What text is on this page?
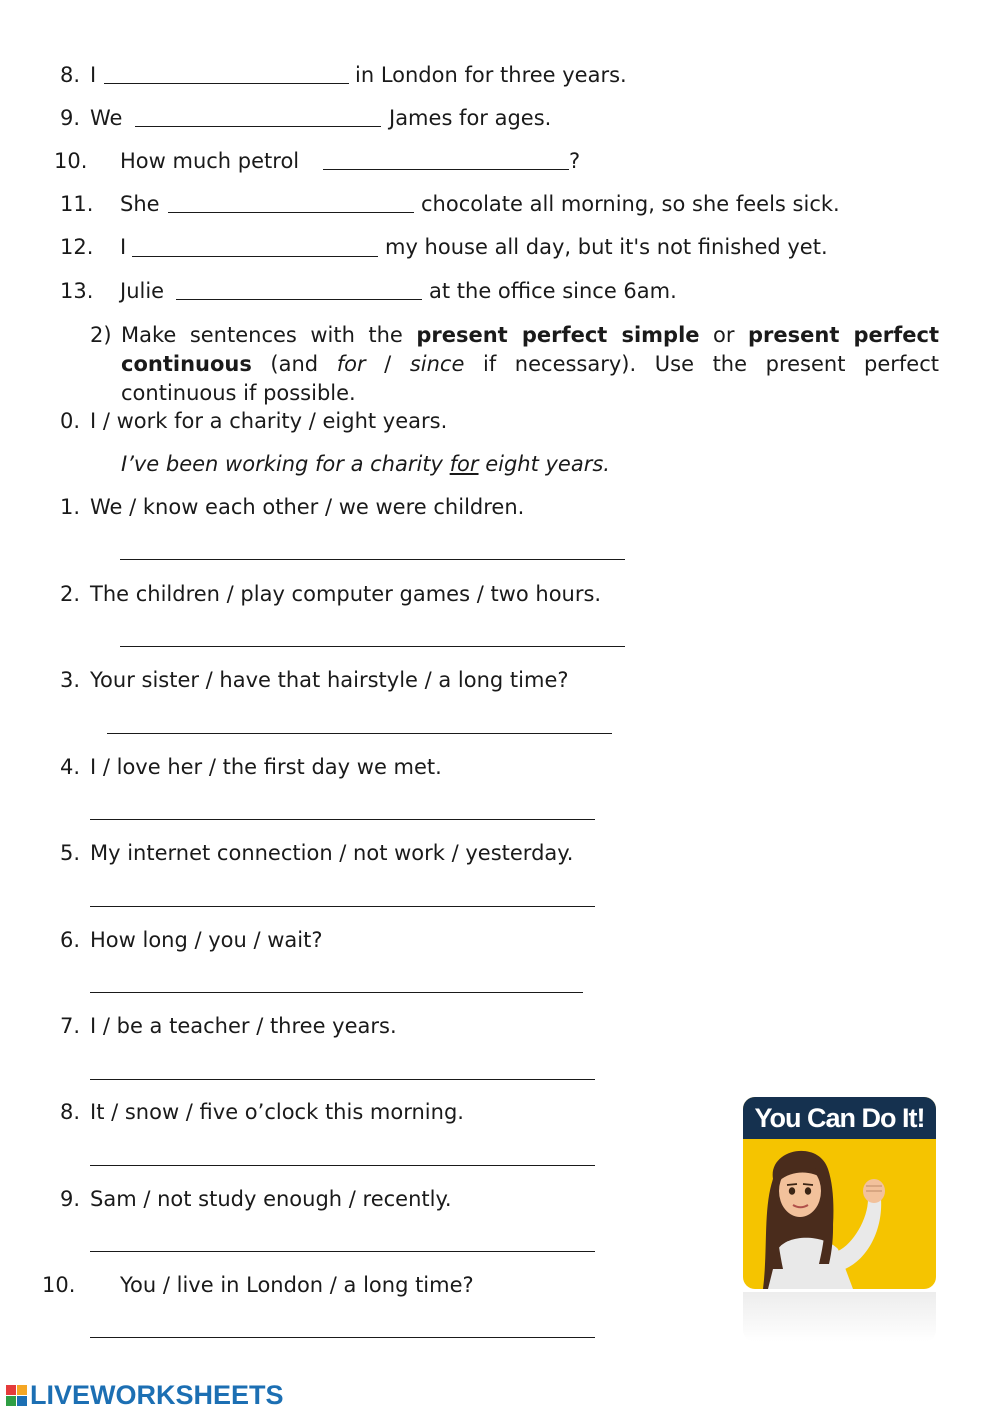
8. I	in London for three years.
9. We	James for ages.
10. How much petrol	?
11. She	chocolate all morning, so she feels sick.
12. I	my house all day, but it's not finished yet.
13. Julie	at the office since 6am.
2) Make sentences with the present perfect simple or present perfect continuous (and for / since if necessary). Use the present perfect continuous if possible.
0. I / work for a charity / eight years.
I’ve been working for a charity for eight years.
1. We / know each other / we were children.
2. The children / play computer games / two hours.
3. Your sister / have that hairstyle / a long time?
4. I / love her / the first day we met.
5. My internet connection / not work / yesterday.
6. How long / you / wait?
7. I / be a teacher / three years.
8. It / snow / five o’clock this morning.
9. Sam / not study enough / recently.
10. You / live in London / a long time?
You Can Do It!
LIVEWORKSHEETS
